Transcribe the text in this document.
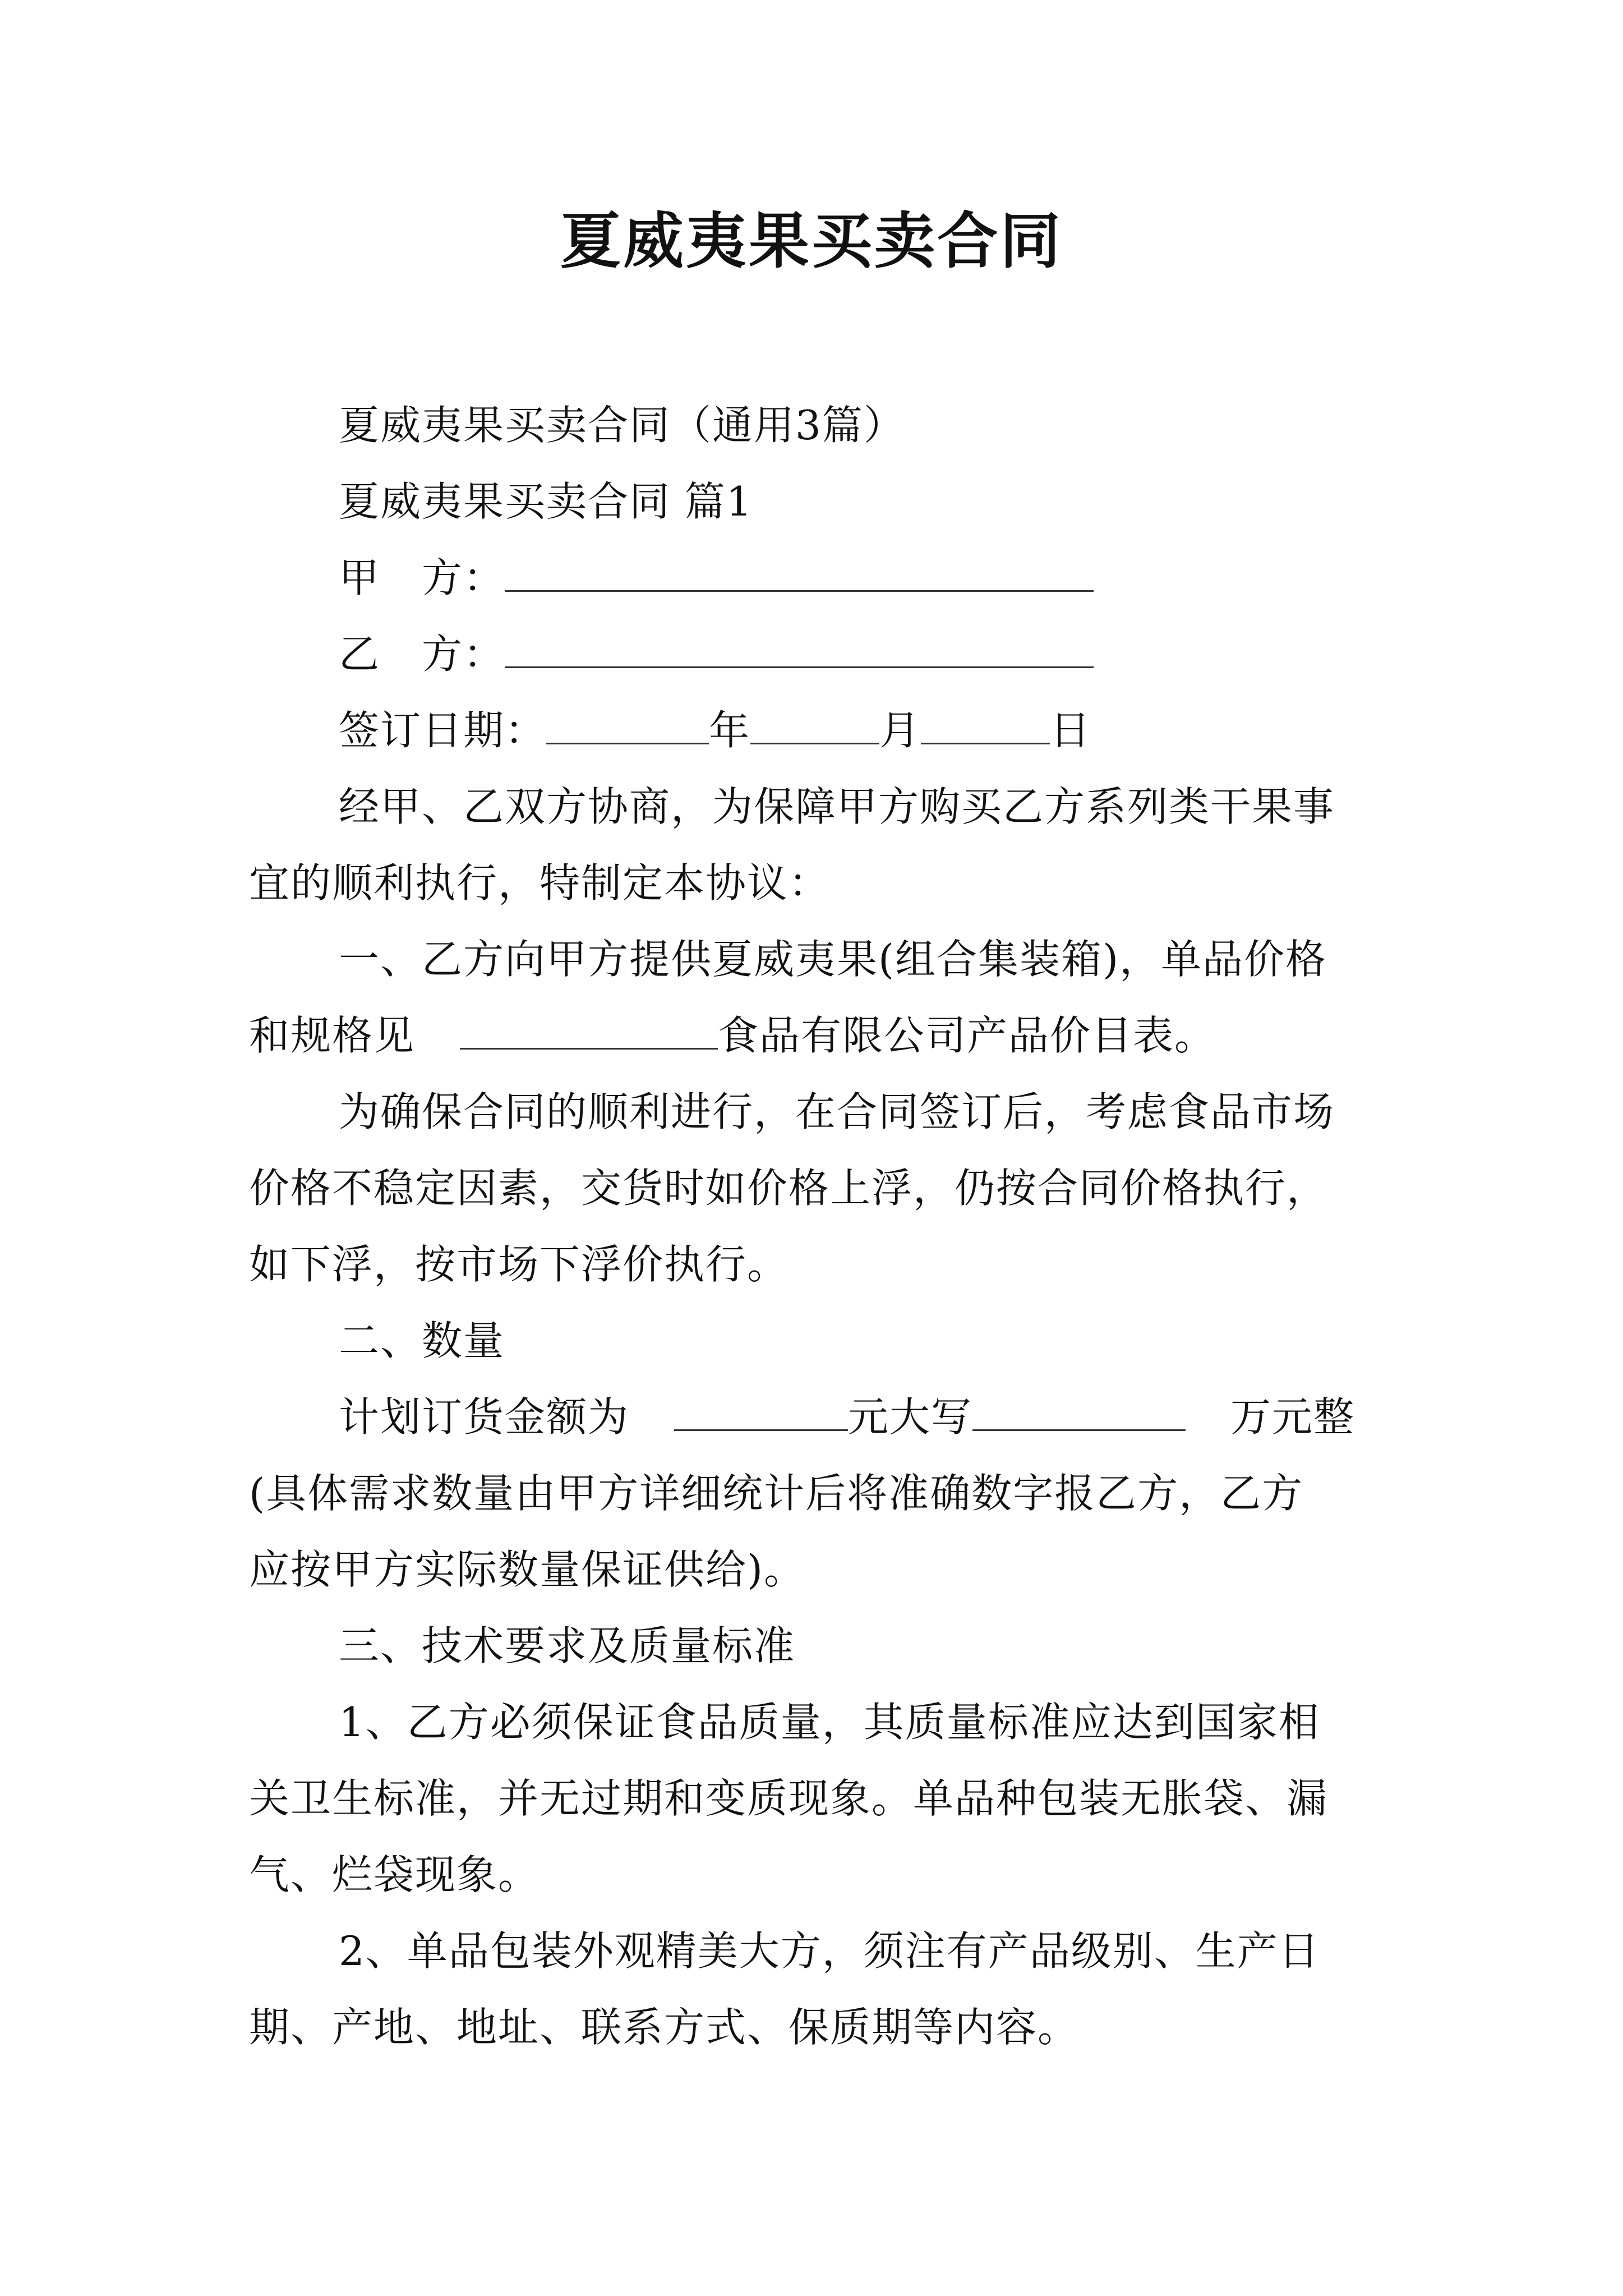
夏威夷果买卖合同
夏威夷果买卖合同（通用3篇）
夏威夷果买卖合同 篇1
甲　方：
乙　方：
签订日期：	年	月	日
经甲、乙双方协商，为保障甲方购买乙方系列类干果事
宜的顺利执行，特制定本协议：
一、乙方向甲方提供夏威夷果(组合集装箱)，单品价格
和规格见	食品有限公司产品价目表。
为确保合同的顺利进行，在合同签订后，考虑食品市场
价格不稳定因素，交货时如价格上浮，仍按合同价格执行，
如下浮，按市场下浮价执行。
二、数量
计划订货金额为	元大写	万元整
(具体需求数量由甲方详细统计后将准确数字报乙方，乙方
应按甲方实际数量保证供给)。
三、技术要求及质量标准
1、乙方必须保证食品质量，其质量标准应达到国家相
关卫生标准，并无过期和变质现象。单品种包装无胀袋、漏
气、烂袋现象。
2、单品包装外观精美大方，须注有产品级别、生产日
期、产地、地址、联系方式、保质期等内容。
